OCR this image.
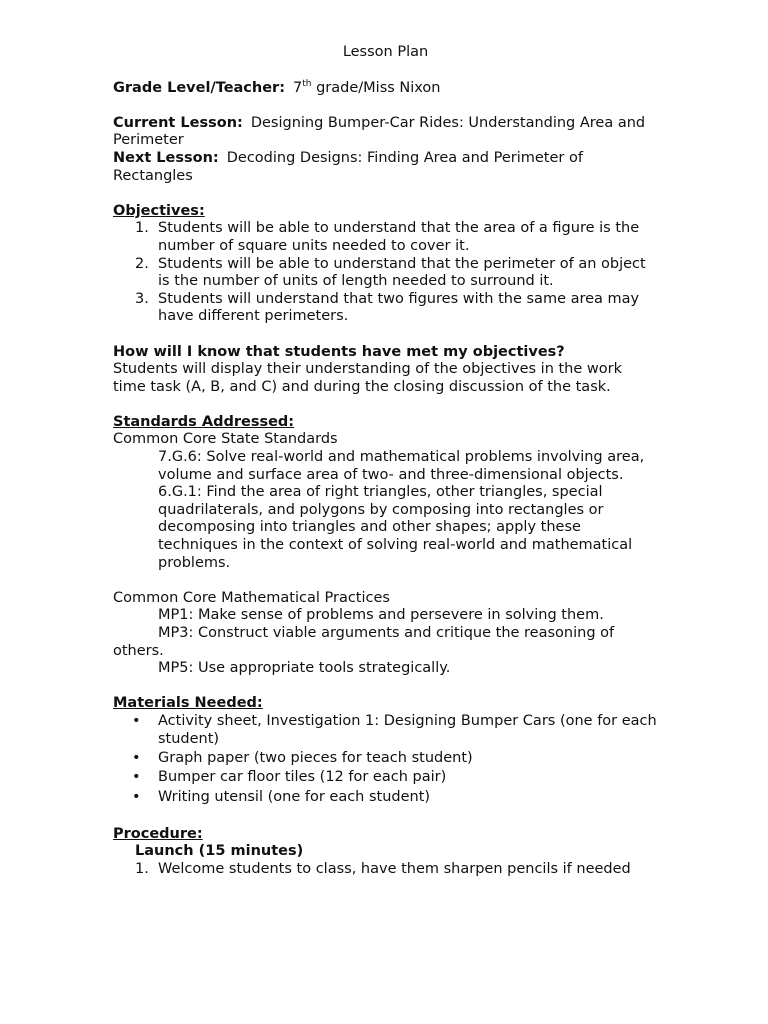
Lesson Plan
Grade Level/Teacher: 7th grade/Miss Nixon
Current Lesson: Designing Bumper-Car Rides: Understanding Area and Perimeter
Next Lesson: Decoding Designs: Finding Area and Perimeter of Rectangles
Objectives:
1. Students will be able to understand that the area of a figure is the number of square units needed to cover it.
2. Students will be able to understand that the perimeter of an object is the number of units of length needed to surround it.
3. Students will understand that two figures with the same area may have different perimeters.
How will I know that students have met my objectives?
Students will display their understanding of the objectives in the work time task (A, B, and C) and during the closing discussion of the task.
Standards Addressed:
Common Core State Standards
7.G.6: Solve real-world and mathematical problems involving area, volume and surface area of two- and three-dimensional objects.
6.G.1: Find the area of right triangles, other triangles, special quadrilaterals, and polygons by composing into rectangles or decomposing into triangles and other shapes; apply these techniques in the context of solving real-world and mathematical problems.
Common Core Mathematical Practices
MP1: Make sense of problems and persevere in solving them.
MP3: Construct viable arguments and critique the reasoning of others.
MP5: Use appropriate tools strategically.
Materials Needed:
• Activity sheet, Investigation 1: Designing Bumper Cars (one for each student)
• Graph paper (two pieces for teach student)
• Bumper car floor tiles (12 for each pair)
• Writing utensil (one for each student)
Procedure:
Launch (15 minutes)
1. Welcome students to class, have them sharpen pencils if needed
